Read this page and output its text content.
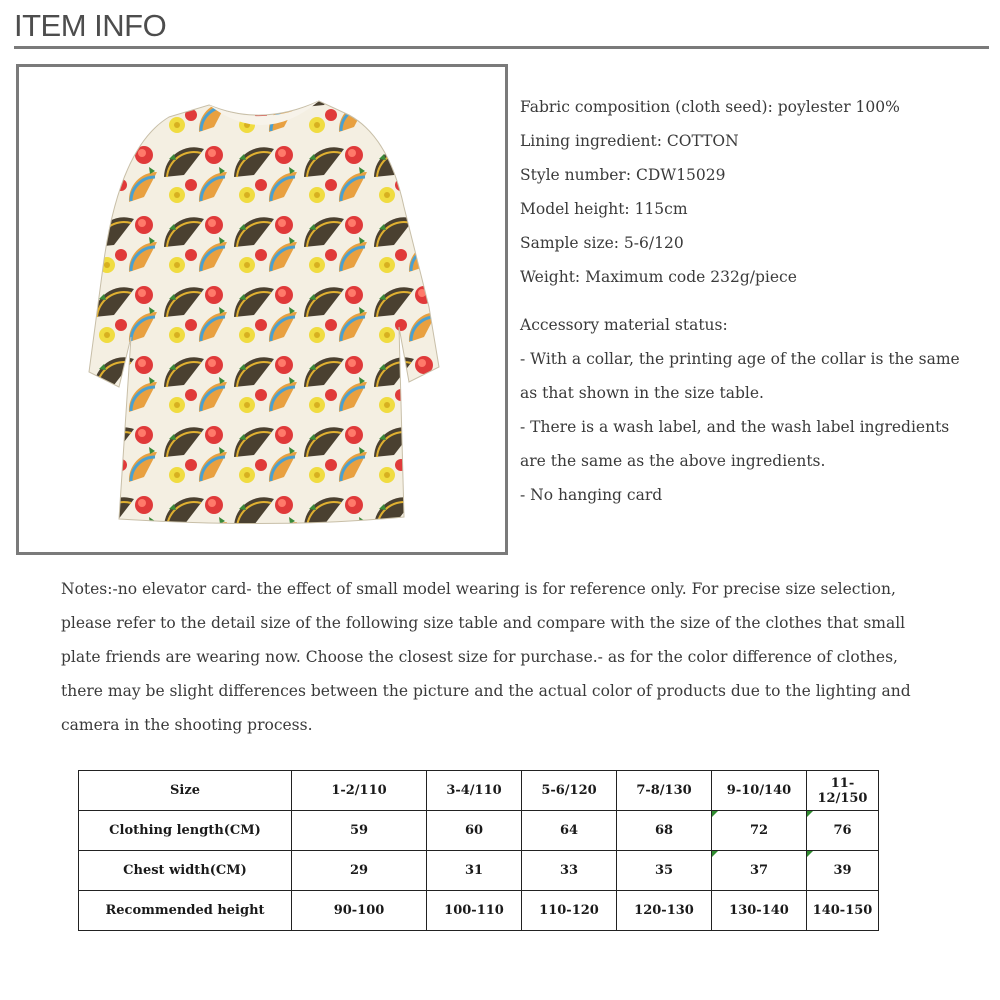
ITEM INFO
Fabric composition (cloth seed): poylester 100%
Lining ingredient: COTTON
Style number: CDW15029
Model height: 115cm
Sample size: 5-6/120
Weight: Maximum code 232g/piece
Accessory material status:
- With a collar, the printing age of the collar is the same
as that shown in the size table.
- There is a wash label, and the wash label ingredients
are the same as the above ingredients.
- No hanging card
Notes:-no elevator card- the effect of small model wearing is for reference only. For precise size selection,
please refer to the detail size of the following size table and compare with the size of the clothes that small
plate friends are wearing now. Choose the closest size for purchase.- as for the color difference of clothes,
there may be slight differences between the picture and the actual color of products due to the lighting and
camera in the shooting process.
Size	1-2/110	3-4/110	5-6/120	7-8/130	9-10/140	11-12/150
Clothing length(CM)	59	60	64	68	72	76
Chest width(CM)	29	31	33	35	37	39
Recommended height	90-100	100-110	110-120	120-130	130-140	140-150
